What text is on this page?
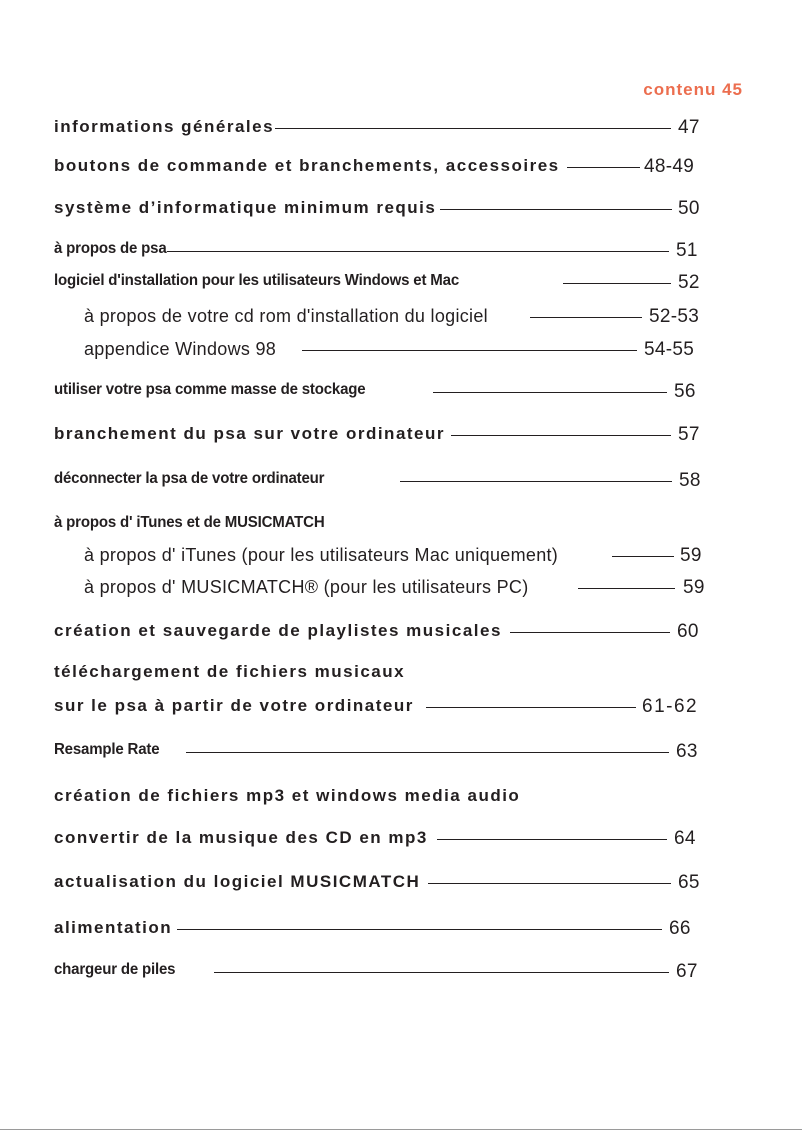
contenu 45
informations générales	47
boutons de commande et branchements, accessoires	48-49
système d’informatique minimum requis	50
à propos de psa	51
logiciel d'installation pour les utilisateurs Windows et Mac	52
à propos de votre cd rom d'installation du logiciel	52-53
appendice Windows 98	54-55
utiliser votre psa comme masse de stockage	56
branchement du psa sur votre ordinateur	57
déconnecter la psa de votre ordinateur	58
à propos d' iTunes et de MUSICMATCH
à propos d' iTunes (pour les utilisateurs Mac uniquement)	59
à propos d' MUSICMATCH® (pour les utilisateurs PC)	59
création et sauvegarde de playlistes musicales	60
téléchargement de fichiers musicaux
sur le psa à partir de votre ordinateur	61-62
Resample Rate	63
création de fichiers mp3 et windows media audio
convertir de la musique des CD en mp3	64
actualisation du logiciel MUSICMATCH	65
alimentation	66
chargeur de piles	67
